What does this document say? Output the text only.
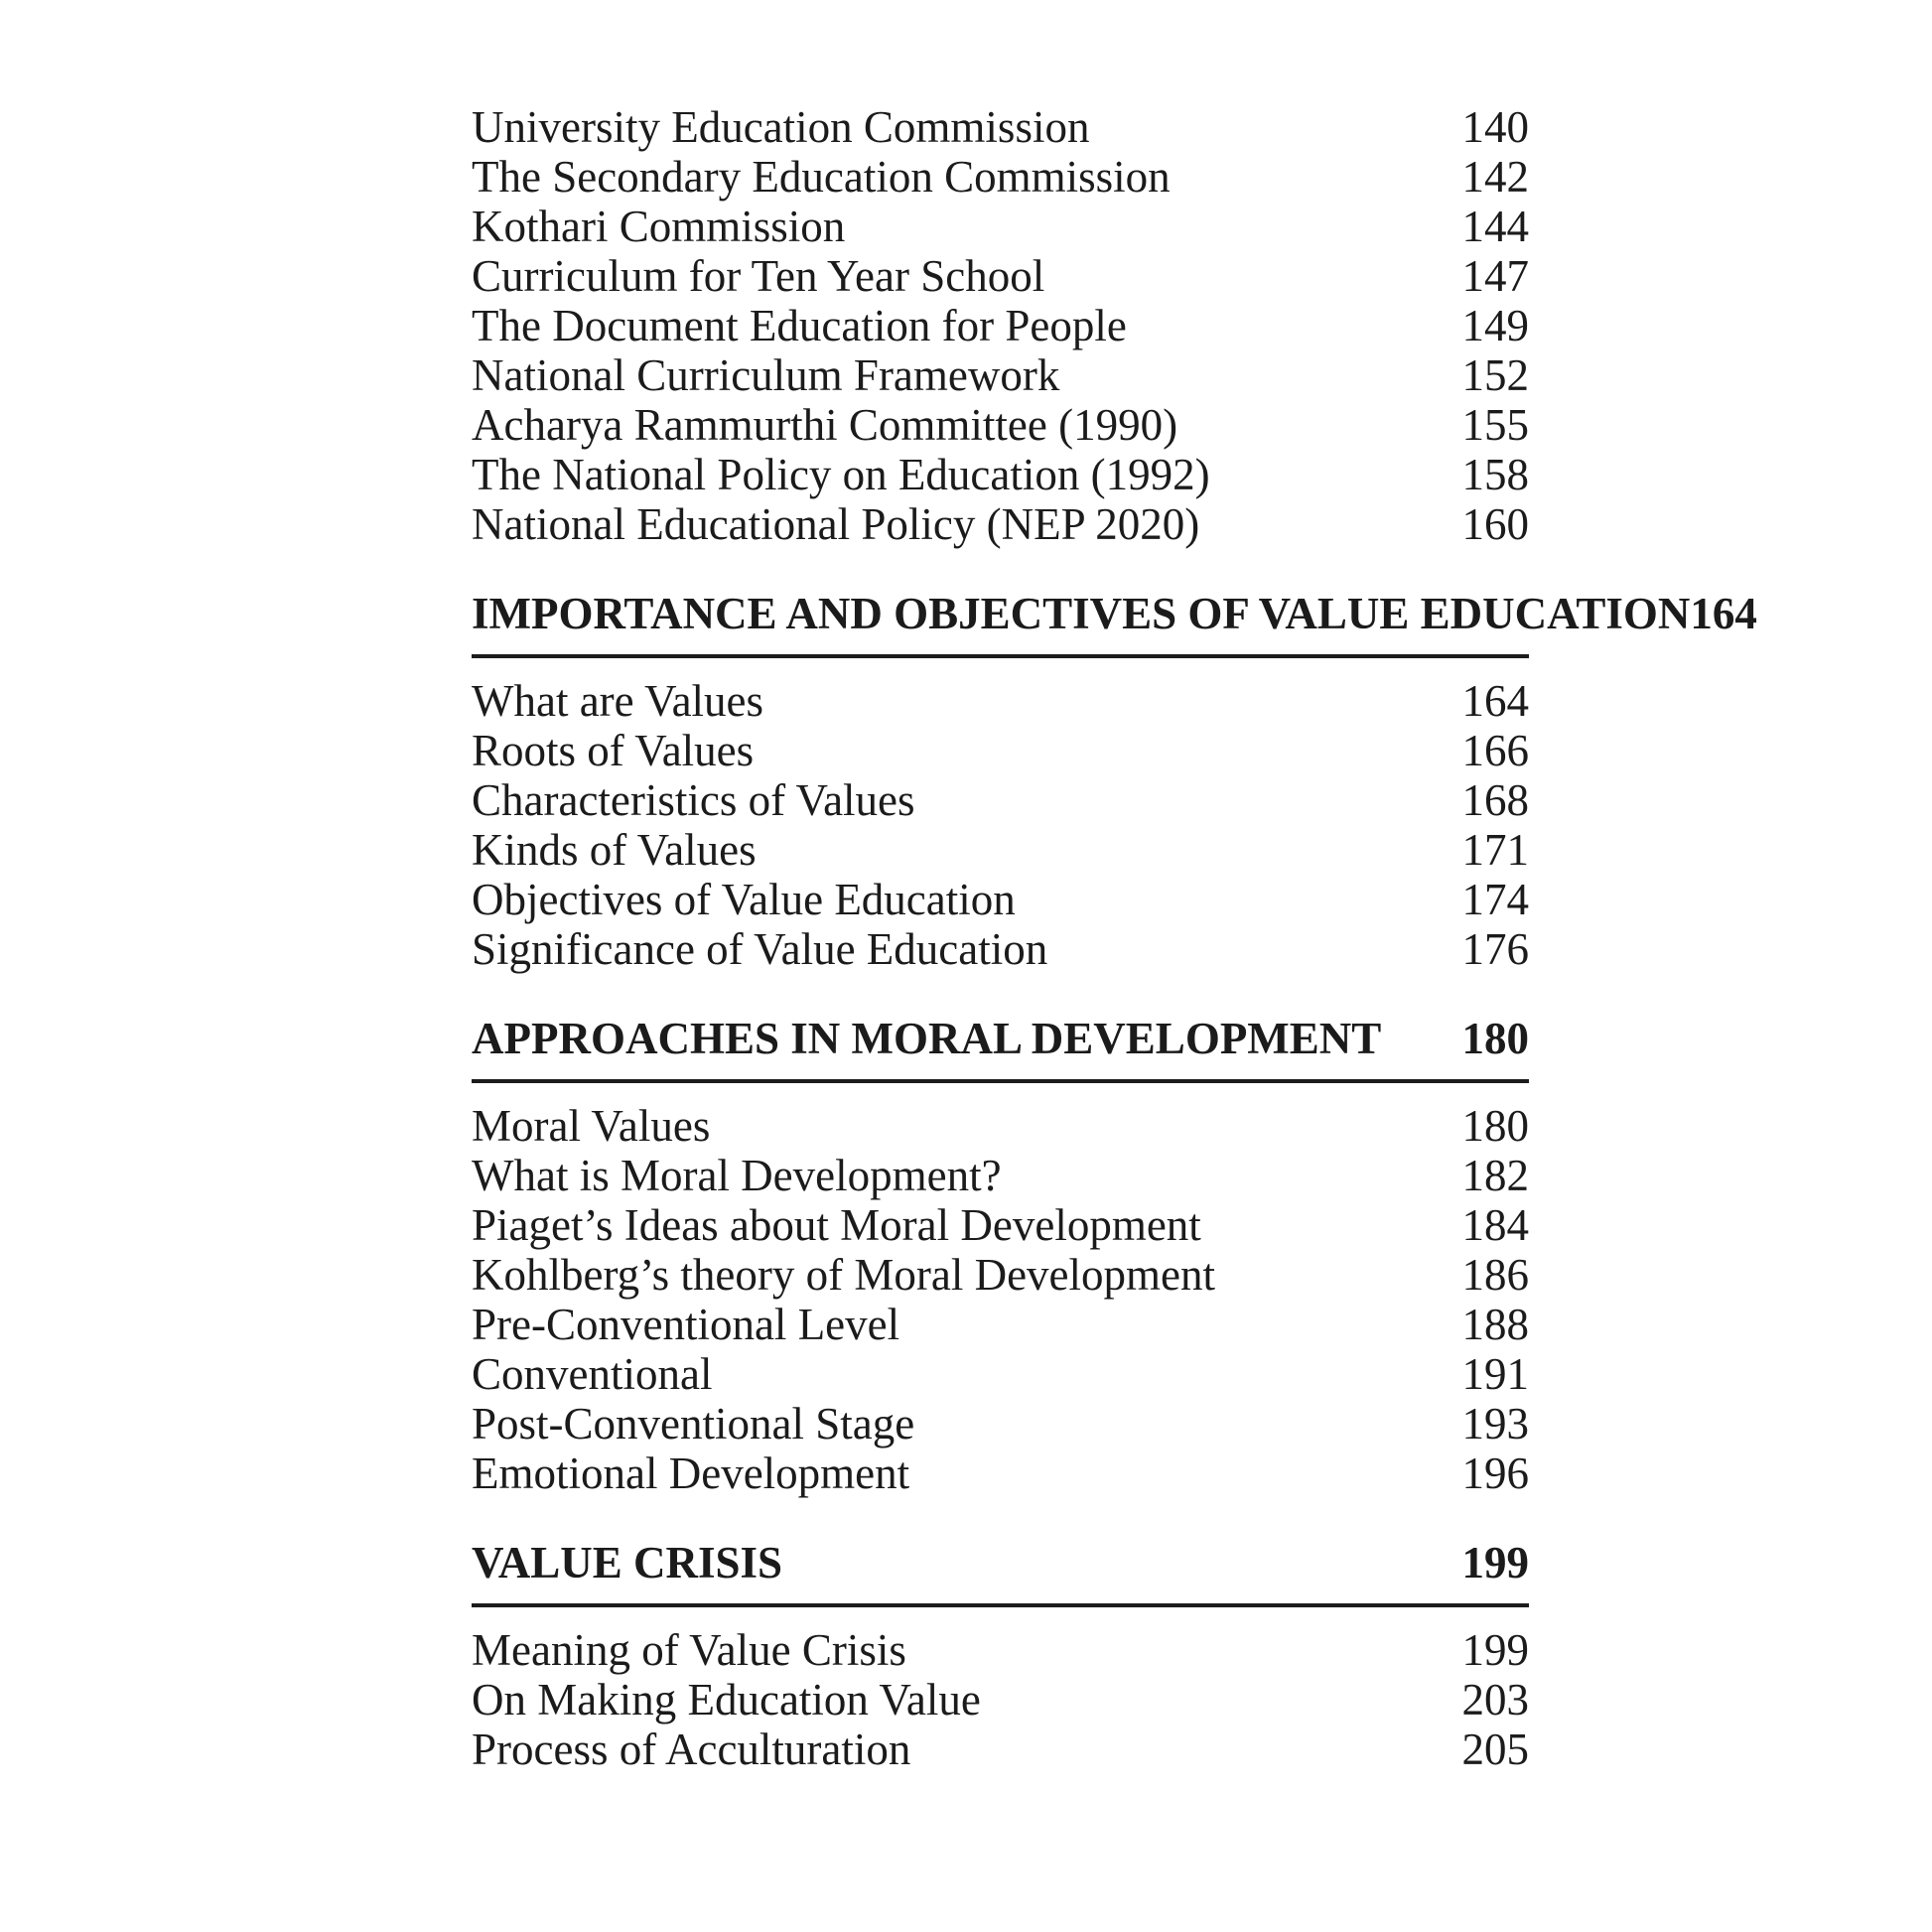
University Education Commission	140
The Secondary Education Commission	142
Kothari Commission	144
Curriculum for Ten Year School	147
The Document Education for People	149
National Curriculum Framework	152
Acharya Rammurthi Committee (1990)	155
The National Policy on Education (1992)	158
National Educational Policy (NEP 2020)	160
IMPORTANCE AND OBJECTIVES OF VALUE EDUCATION 164
What are Values	164
Roots of Values	166
Characteristics of Values	168
Kinds of Values	171
Objectives of Value Education	174
Significance of Value Education	176
APPROACHES IN MORAL DEVELOPMENT 180
Moral Values	180
What is Moral Development?	182
Piaget’s Ideas about Moral Development	184
Kohlberg’s theory of Moral Development	186
Pre-Conventional Level	188
Conventional	191
Post-Conventional Stage	193
Emotional Development	196
VALUE CRISIS	199
Meaning of Value Crisis	199
On Making Education Value	203
Process of Acculturation	205
